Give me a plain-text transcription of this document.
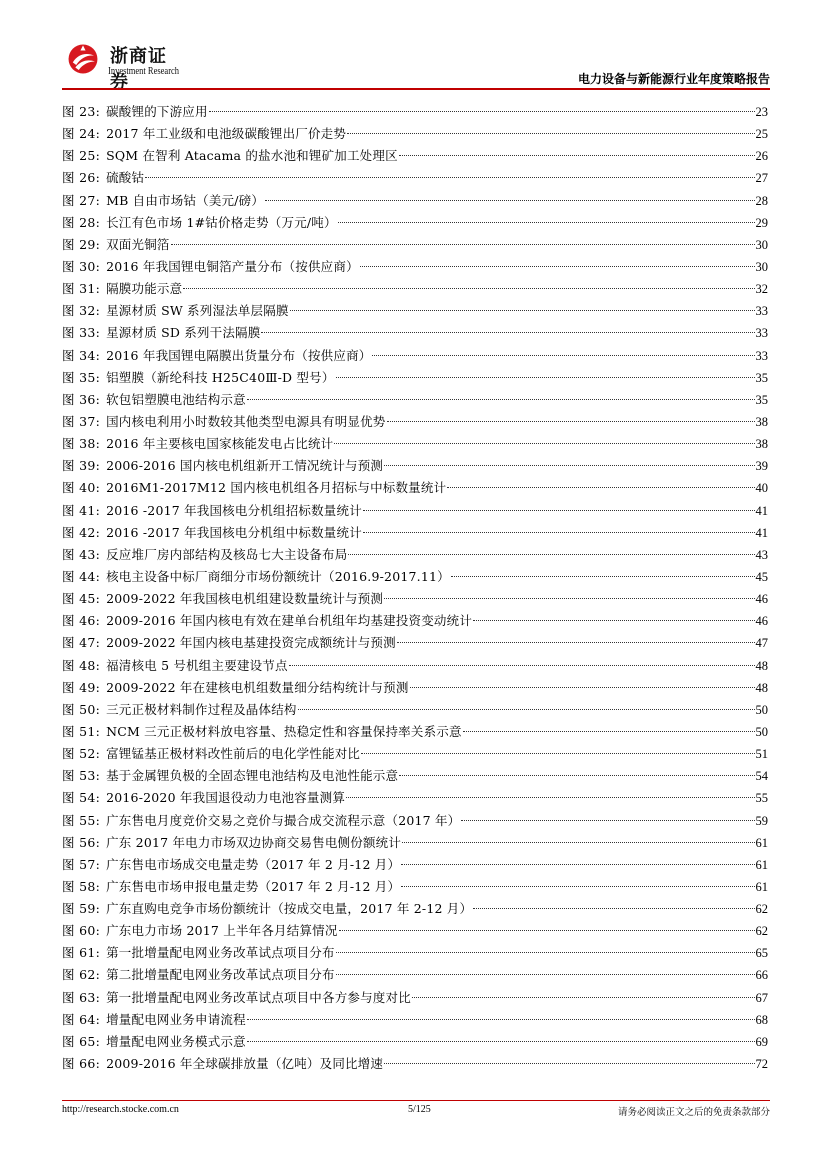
浙商证券
Investment Research
电力设备与新能源行业年度策略报告
图 23: 碳酸锂的下游应用	23
图 24: 2017 年工业级和电池级碳酸锂出厂价走势	25
图 25: SQM 在智利 Atacama 的盐水池和锂矿加工处理区	26
图 26: 硫酸钴	27
图 27: MB 自由市场钴（美元/磅）	28
图 28: 长江有色市场 1#钴价格走势（万元/吨）	29
图 29: 双面光铜箔	30
图 30: 2016 年我国锂电铜箔产量分布（按供应商）	30
图 31: 隔膜功能示意	32
图 32: 星源材质 SW 系列湿法单层隔膜	33
图 33: 星源材质 SD 系列干法隔膜	33
图 34: 2016 年我国锂电隔膜出货量分布（按供应商）	33
图 35: 铝塑膜（新纶科技 H25C40Ⅲ-D 型号）	35
图 36: 软包铝塑膜电池结构示意	35
图 37: 国内核电利用小时数较其他类型电源具有明显优势	38
图 38: 2016 年主要核电国家核能发电占比统计	38
图 39: 2006-2016 国内核电机组新开工情况统计与预测	39
图 40: 2016M1-2017M12 国内核电机组各月招标与中标数量统计	40
图 41: 2016 -2017 年我国核电分机组招标数量统计	41
图 42: 2016 -2017 年我国核电分机组中标数量统计	41
图 43: 反应堆厂房内部结构及核岛七大主设备布局	43
图 44: 核电主设备中标厂商细分市场份额统计（2016.9-2017.11）	45
图 45: 2009-2022 年我国核电机组建设数量统计与预测	46
图 46: 2009-2016 年国内核电有效在建单台机组年均基建投资变动统计	46
图 47: 2009-2022 年国内核电基建投资完成额统计与预测	47
图 48: 福清核电 5 号机组主要建设节点	48
图 49: 2009-2022 年在建核电机组数量细分结构统计与预测	48
图 50: 三元正极材料制作过程及晶体结构	50
图 51: NCM 三元正极材料放电容量、热稳定性和容量保持率关系示意	50
图 52: 富锂锰基正极材料改性前后的电化学性能对比	51
图 53: 基于金属锂负极的全固态锂电池结构及电池性能示意	54
图 54: 2016-2020 年我国退役动力电池容量测算	55
图 55: 广东售电月度竞价交易之竞价与撮合成交流程示意（2017 年）	59
图 56: 广东 2017 年电力市场双边协商交易售电侧份额统计	61
图 57: 广东售电市场成交电量走势（2017 年 2 月-12 月）	61
图 58: 广东售电市场申报电量走势（2017 年 2 月-12 月）	61
图 59: 广东直购电竞争市场份额统计（按成交电量，2017 年 2-12 月）	62
图 60: 广东电力市场 2017 上半年各月结算情况	62
图 61: 第一批增量配电网业务改革试点项目分布	65
图 62: 第二批增量配电网业务改革试点项目分布	66
图 63: 第一批增量配电网业务改革试点项目中各方参与度对比	67
图 64: 增量配电网业务申请流程	68
图 65: 增量配电网业务模式示意	69
图 66: 2009-2016 年全球碳排放量（亿吨）及同比增速	72
http://research.stocke.com.cn	5/125	请务必阅读正文之后的免责条款部分
